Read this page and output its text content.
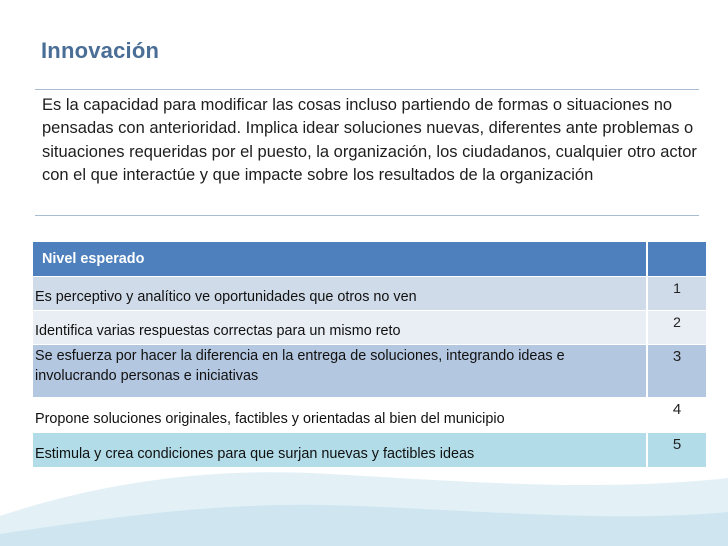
Innovación

Es la capacidad para modificar las cosas incluso partiendo de formas o situaciones no pensadas con anterioridad. Implica idear soluciones nuevas, diferentes ante problemas o situaciones requeridas por el puesto, la organización, los ciudadanos, cualquier otro actor con el que interactúe y que impacte sobre los resultados de la organización

Nivel esperado
Es perceptivo y analítico ve oportunidades que otros no ven
1
Identifica varias respuestas correctas para un mismo reto
2
Se esfuerza por hacer la diferencia en la entrega de soluciones, integrando ideas e involucrando personas e iniciativas
3
Propone soluciones originales, factibles y orientadas al bien del municipio
4
Estimula y crea condiciones para que surjan nuevas y factibles ideas
5
